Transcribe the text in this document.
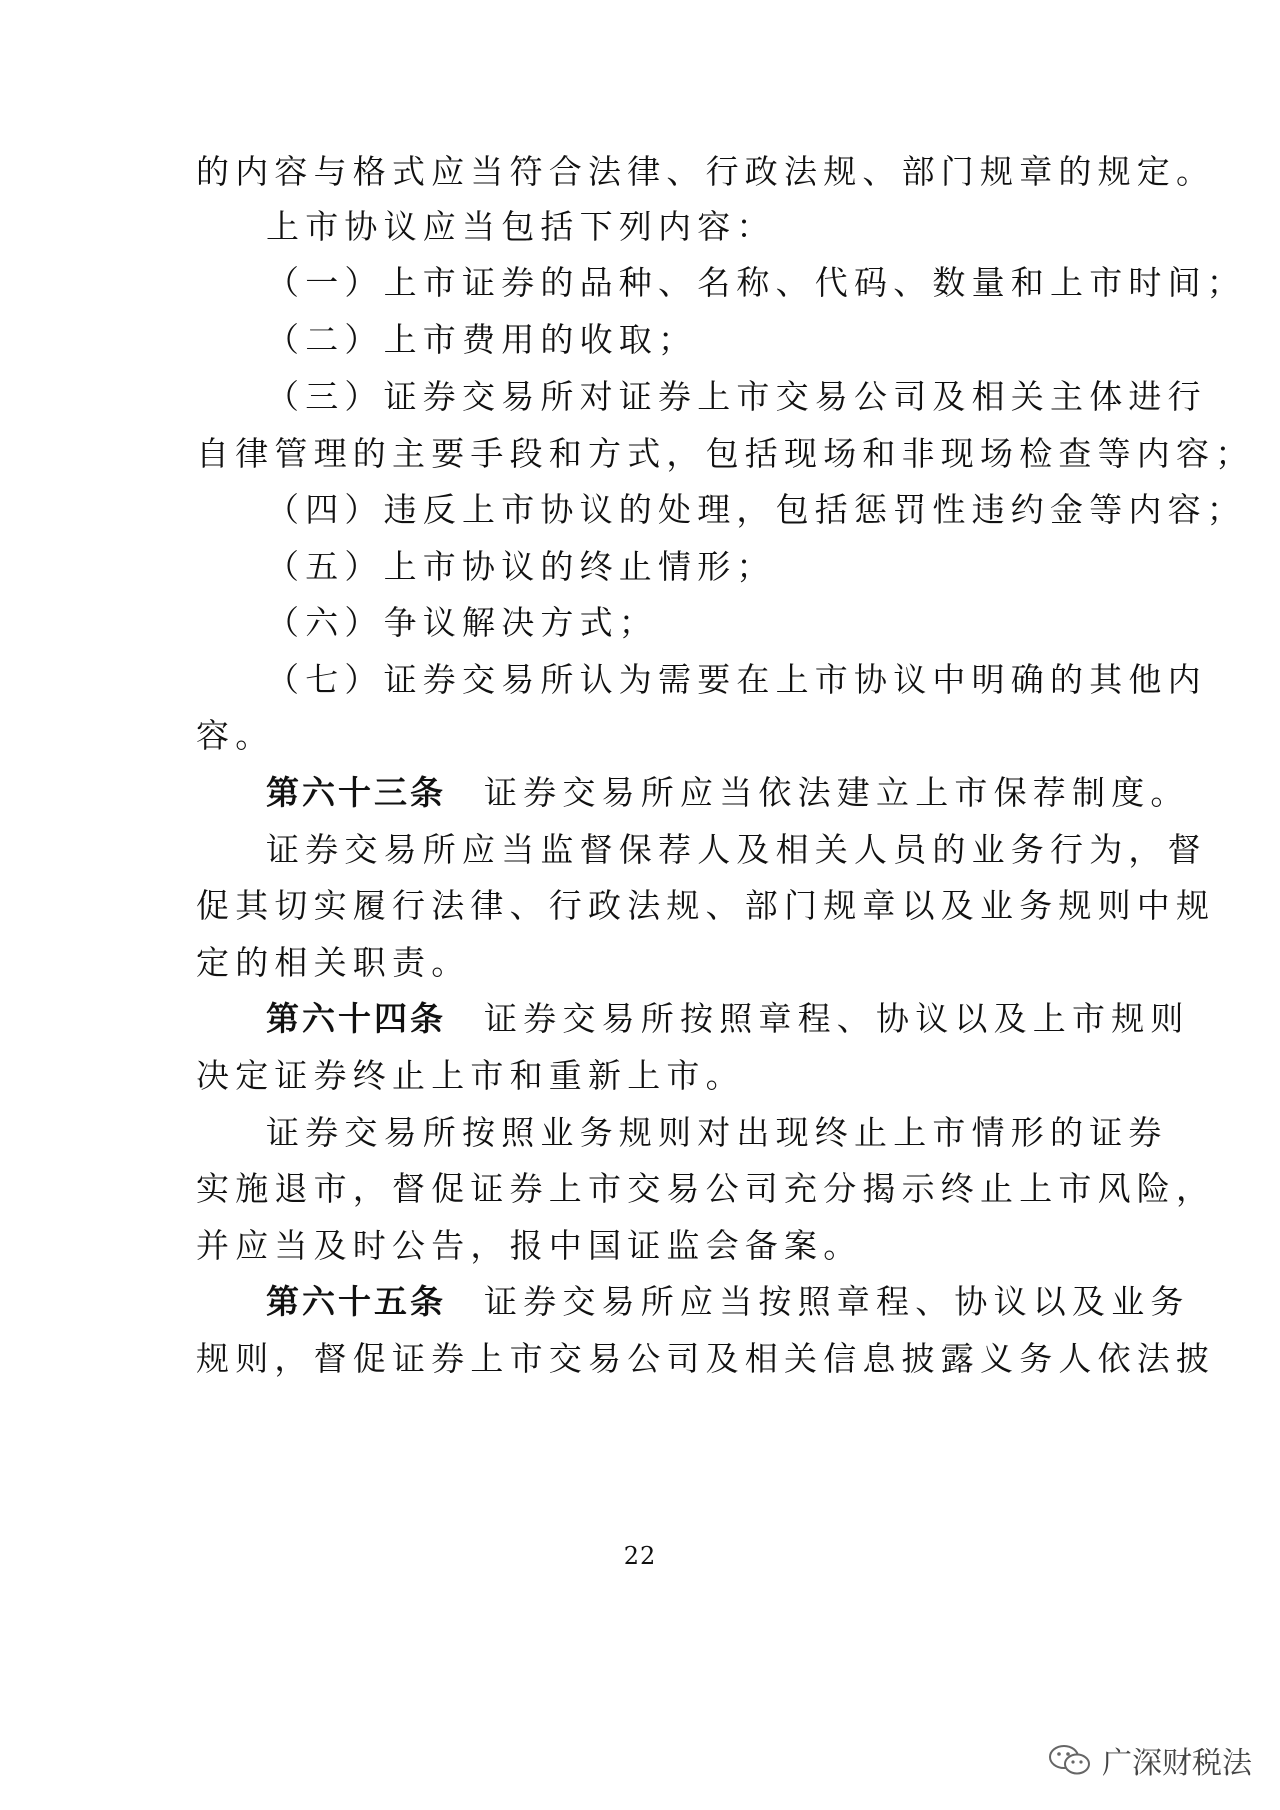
的内容与格式应当符合法律、行政法规、部门规章的规定。
上市协议应当包括下列内容：
（一）上市证券的品种、名称、代码、数量和上市时间；
（二）上市费用的收取；
（三）证券交易所对证券上市交易公司及相关主体进行
自律管理的主要手段和方式，包括现场和非现场检查等内容；
（四）违反上市协议的处理，包括惩罚性违约金等内容；
（五）上市协议的终止情形；
（六）争议解决方式；
（七）证券交易所认为需要在上市协议中明确的其他内
容。
第六十三条 证券交易所应当依法建立上市保荐制度。
证券交易所应当监督保荐人及相关人员的业务行为，督
促其切实履行法律、行政法规、部门规章以及业务规则中规
定的相关职责。
第六十四条 证券交易所按照章程、协议以及上市规则
决定证券终止上市和重新上市。
证券交易所按照业务规则对出现终止上市情形的证券
实施退市，督促证券上市交易公司充分揭示终止上市风险，
并应当及时公告，报中国证监会备案。
第六十五条 证券交易所应当按照章程、协议以及业务
规则，督促证券上市交易公司及相关信息披露义务人依法披
22
广深财税法
